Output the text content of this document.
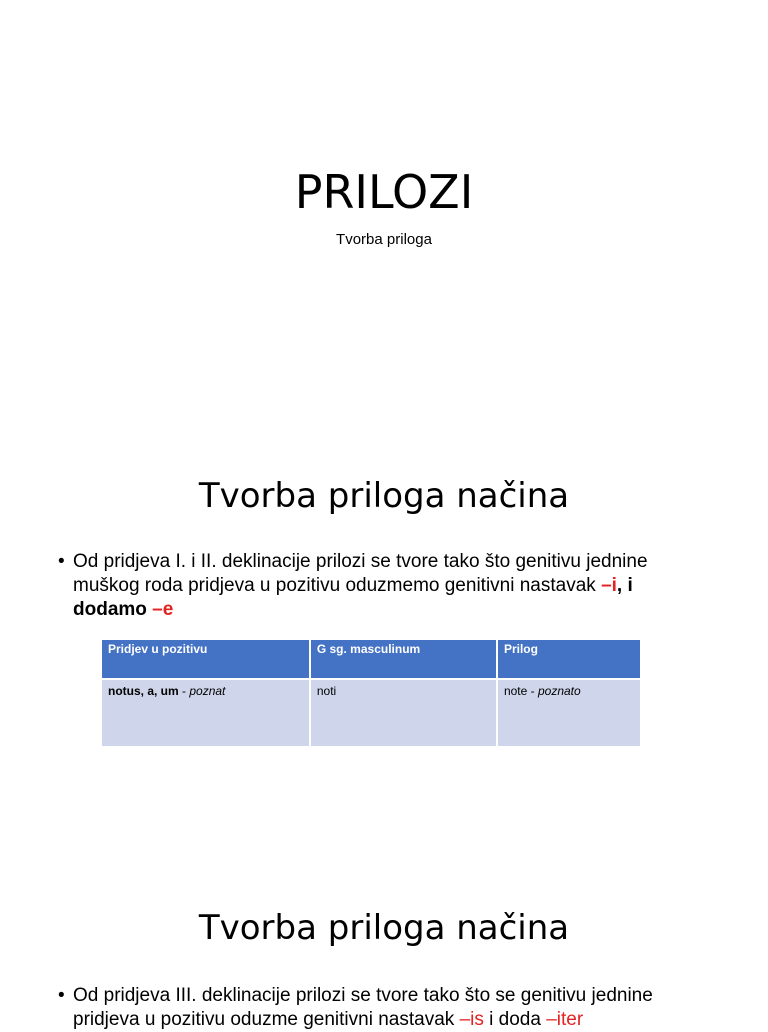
PRILOZI
Tvorba priloga
Tvorba priloga načina
• Od pridjeva I. i II. deklinacije prilozi se tvore tako što genitivu jednine muškog roda pridjeva u pozitivu oduzmemo genitivni nastavak –i, i
dodamo –e
Pridjev u pozitivu	G sg. masculinum	Prilog
notus, a, um - poznat	noti	note - poznato
Tvorba priloga načina
• Od pridjeva III. deklinacije prilozi se tvore tako što se genitivu jednine
pridjeva u pozitivu oduzme genitivni nastavak –is i doda –iter
